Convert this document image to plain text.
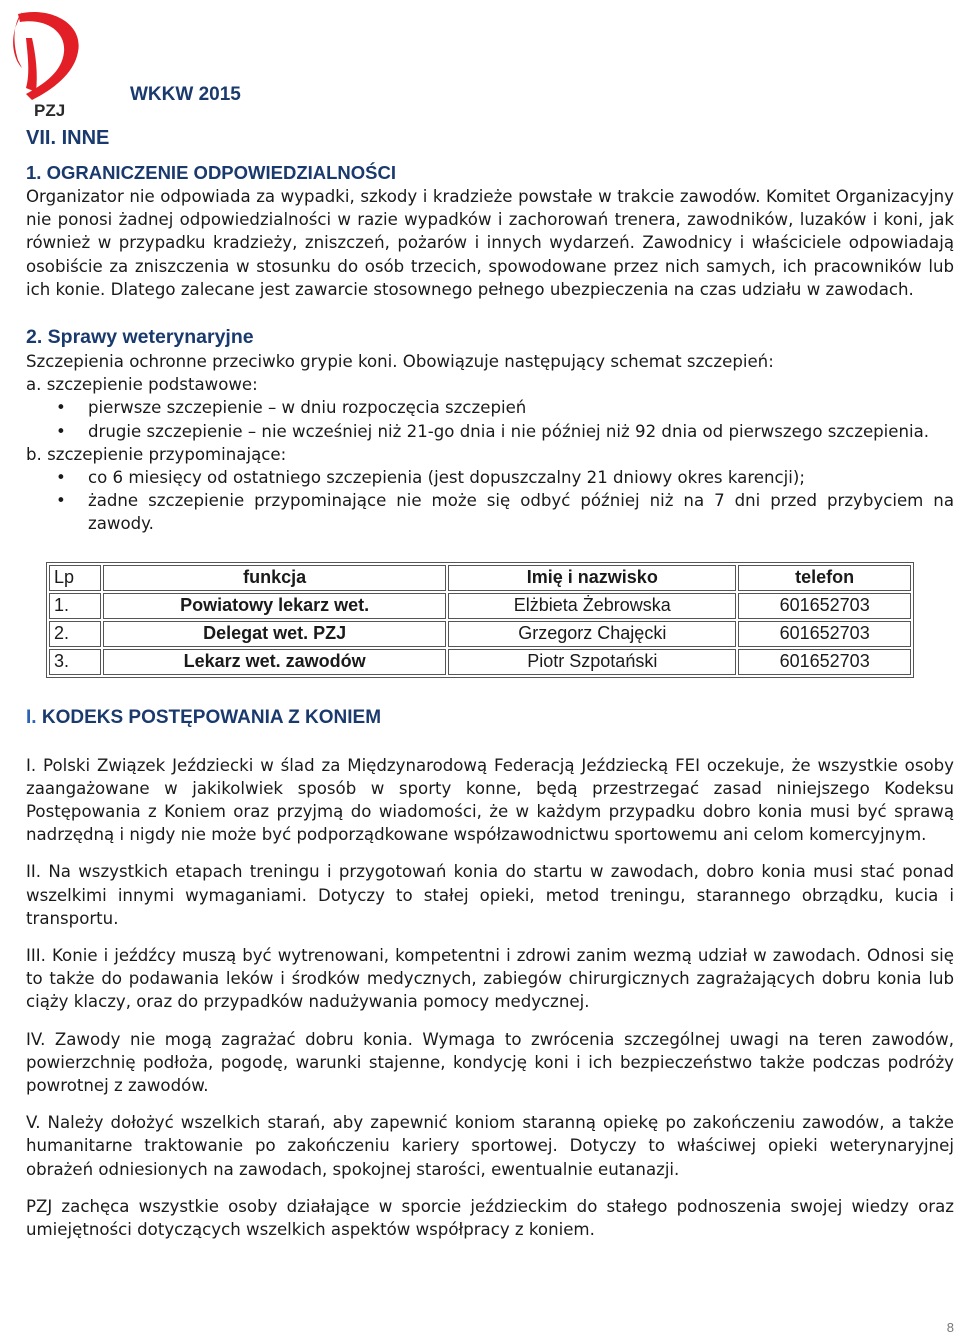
PZJ
WKKW 2015
VII. INNE
1. OGRANICZENIE ODPOWIEDZIALNOŚCI

Organizator nie odpowiada za wypadki, szkody i kradzieże powstałe w trakcie zawodów. Komitet Organizacyjny nie ponosi żadnej odpowiedzialności w razie wypadków i zachorowań trenera, zawodników, luzaków i koni, jak również w przypadku kradzieży, zniszczeń, pożarów i innych wydarzeń. Zawodnicy i właściciele odpowiadają osobiście za zniszczenia w stosunku do osób trzecich, spowodowane przez nich samych, ich pracowników lub ich konie. Dlatego zalecane jest zawarcie stosownego pełnego ubezpieczenia na czas udziału w zawodach.

2. Sprawy weterynaryjne
Szczepienia ochronne przeciwko grypie koni. Obowiązuje następujący schemat szczepień:
a. szczepienie podstawowe:
• pierwsze szczepienie – w dniu rozpoczęcia szczepień
• drugie szczepienie – nie wcześniej niż 21-go dnia i nie później niż 92 dnia od pierwszego szczepienia.
b. szczepienie przypominające:
• co 6 miesięcy od ostatniego szczepienia (jest dopuszczalny 21 dniowy okres karencji);
• żadne szczepienie przypominające nie może się odbyć później niż na 7 dni przed przybyciem na zawody.
Lp	funkcja	Imię i nazwisko	telefon
1.	Powiatowy lekarz wet.	Elżbieta Żebrowska	601652703
2.	Delegat wet. PZJ	Grzegorz Chajęcki	601652703
3.	Lekarz wet. zawodów	Piotr Szpotański	601652703
I. KODEKS POSTĘPOWANIA Z KONIEM

I. Polski Związek Jeździecki w ślad za Międzynarodową Federacją Jeździecką FEI oczekuje, że wszystkie osoby zaangażowane w jakikolwiek sposób w sporty konne, będą przestrzegać zasad niniejszego Kodeksu Postępowania z Koniem oraz przyjmą do wiadomości, że w każdym przypadku dobro konia musi być sprawą nadrzędną i nigdy nie może być podporządkowane współzawodnictwu sportowemu ani celom komercyjnym.

II. Na wszystkich etapach treningu i przygotowań konia do startu w zawodach, dobro konia musi stać ponad wszelkimi innymi wymaganiami. Dotyczy to stałej opieki, metod treningu, starannego obrządku, kucia i transportu.

III. Konie i jeźdźcy muszą być wytrenowani, kompetentni i zdrowi zanim wezmą udział w zawodach. Odnosi się to także do podawania leków i środków medycznych, zabiegów chirurgicznych zagrażających dobru konia lub ciąży klaczy, oraz do przypadków nadużywania pomocy medycznej.

IV. Zawody nie mogą zagrażać dobru konia. Wymaga to zwrócenia szczególnej uwagi na teren zawodów, powierzchnię podłoża, pogodę, warunki stajenne, kondycję koni i ich bezpieczeństwo także podczas podróży powrotnej z zawodów.

V. Należy dołożyć wszelkich starań, aby zapewnić koniom staranną opiekę po zakończeniu zawodów, a także humanitarne traktowanie po zakończeniu kariery sportowej. Dotyczy to właściwej opieki weterynaryjnej obrażeń odniesionych na zawodach, spokojnej starości, ewentualnie eutanazji.

PZJ zachęca wszystkie osoby działające w sporcie jeździeckim do stałego podnoszenia swojej wiedzy oraz umiejętności dotyczących wszelkich aspektów współpracy z koniem.

8
